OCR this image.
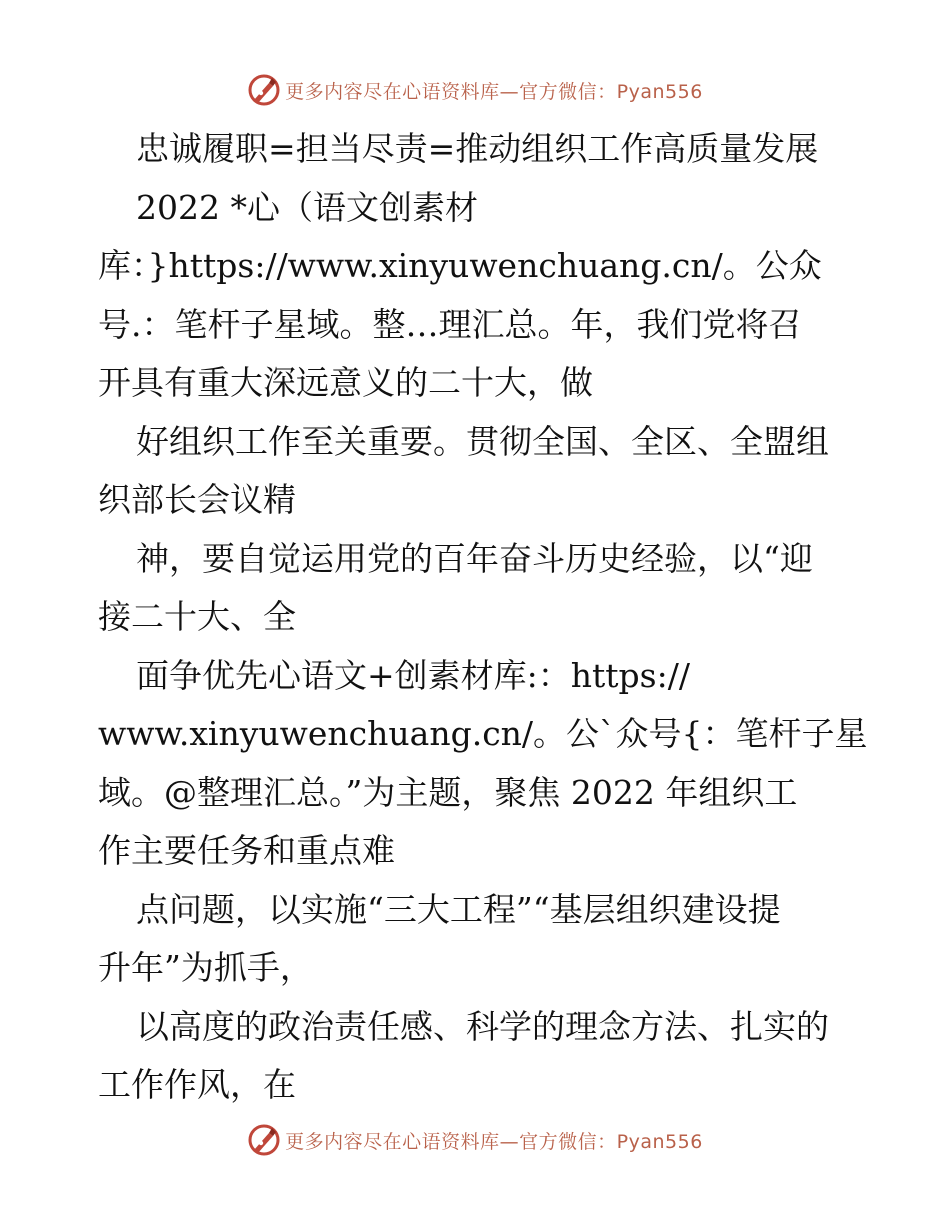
更多内容尽在心语资料库—官方微信：Pyan556
忠诚履职=担当尽责=推动组织工作高质量发展
2022 *心（语文创素材
库：}https://www.xinyuwenchuang.cn/。公众
号.：笔杆子星域。整…理汇总。年，我们党将召
开具有重大深远意义的二十大，做
好组织工作至关重要。贯彻全国、全区、全盟组
织部长会议精
神，要自觉运用党的百年奋斗历史经验，以“迎
接二十大、全
面争优先心语文+创素材库:：https://
www.xinyuwenchuang.cn/。公`众号{：笔杆子星
域。@整理汇总。”为主题，聚焦 2022 年组织工
作主要任务和重点难
点问题，以实施“三大工程”“基层组织建设提
升年”为抓手，
以高度的政治责任感、科学的理念方法、扎实的
工作作风，在
更多内容尽在心语资料库—官方微信：Pyan556
